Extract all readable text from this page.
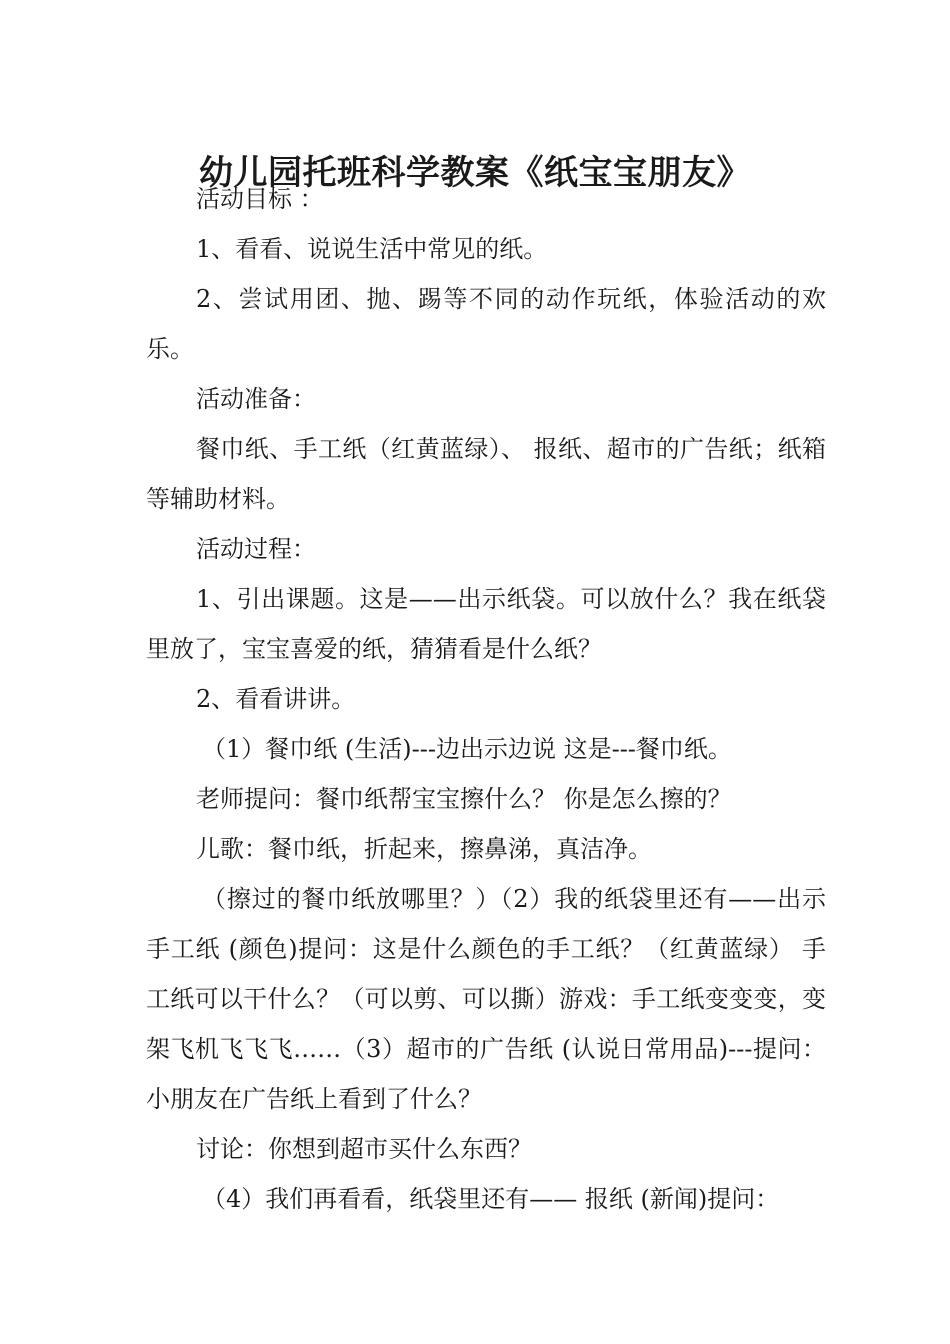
幼儿园托班科学教案《纸宝宝朋友》

活动目标 ：

1、看看、说说生活中常见的纸。

2、尝试用团、抛、踢等不同的动作玩纸，体验活动的欢乐。

活动准备：

餐巾纸、手工纸（红黄蓝绿）、 报纸、超市的广告纸；纸箱等辅助材料。

活动过程：

1、引出课题。这是——出示纸袋。可以放什么？我在纸袋里放了，宝宝喜爱的纸，猜猜看是什么纸？

2、看看讲讲。

（1）餐巾纸 (生活)---边出示边说 这是---餐巾纸。

老师提问：餐巾纸帮宝宝擦什么？ 你是怎么擦的？

儿歌：餐巾纸，折起来，擦鼻涕，真洁净。

（擦过的餐巾纸放哪里？）（2）我的纸袋里还有——出示手工纸 (颜色)提问：这是什么颜色的手工纸？（红黄蓝绿） 手工纸可以干什么？（可以剪、可以撕）游戏：手工纸变变变，变架飞机飞飞飞……（3）超市的广告纸 (认说日常用品)---提问：小朋友在广告纸上看到了什么？

讨论：你想到超市买什么东西？

（4）我们再看看，纸袋里还有—— 报纸 (新闻)提问：
